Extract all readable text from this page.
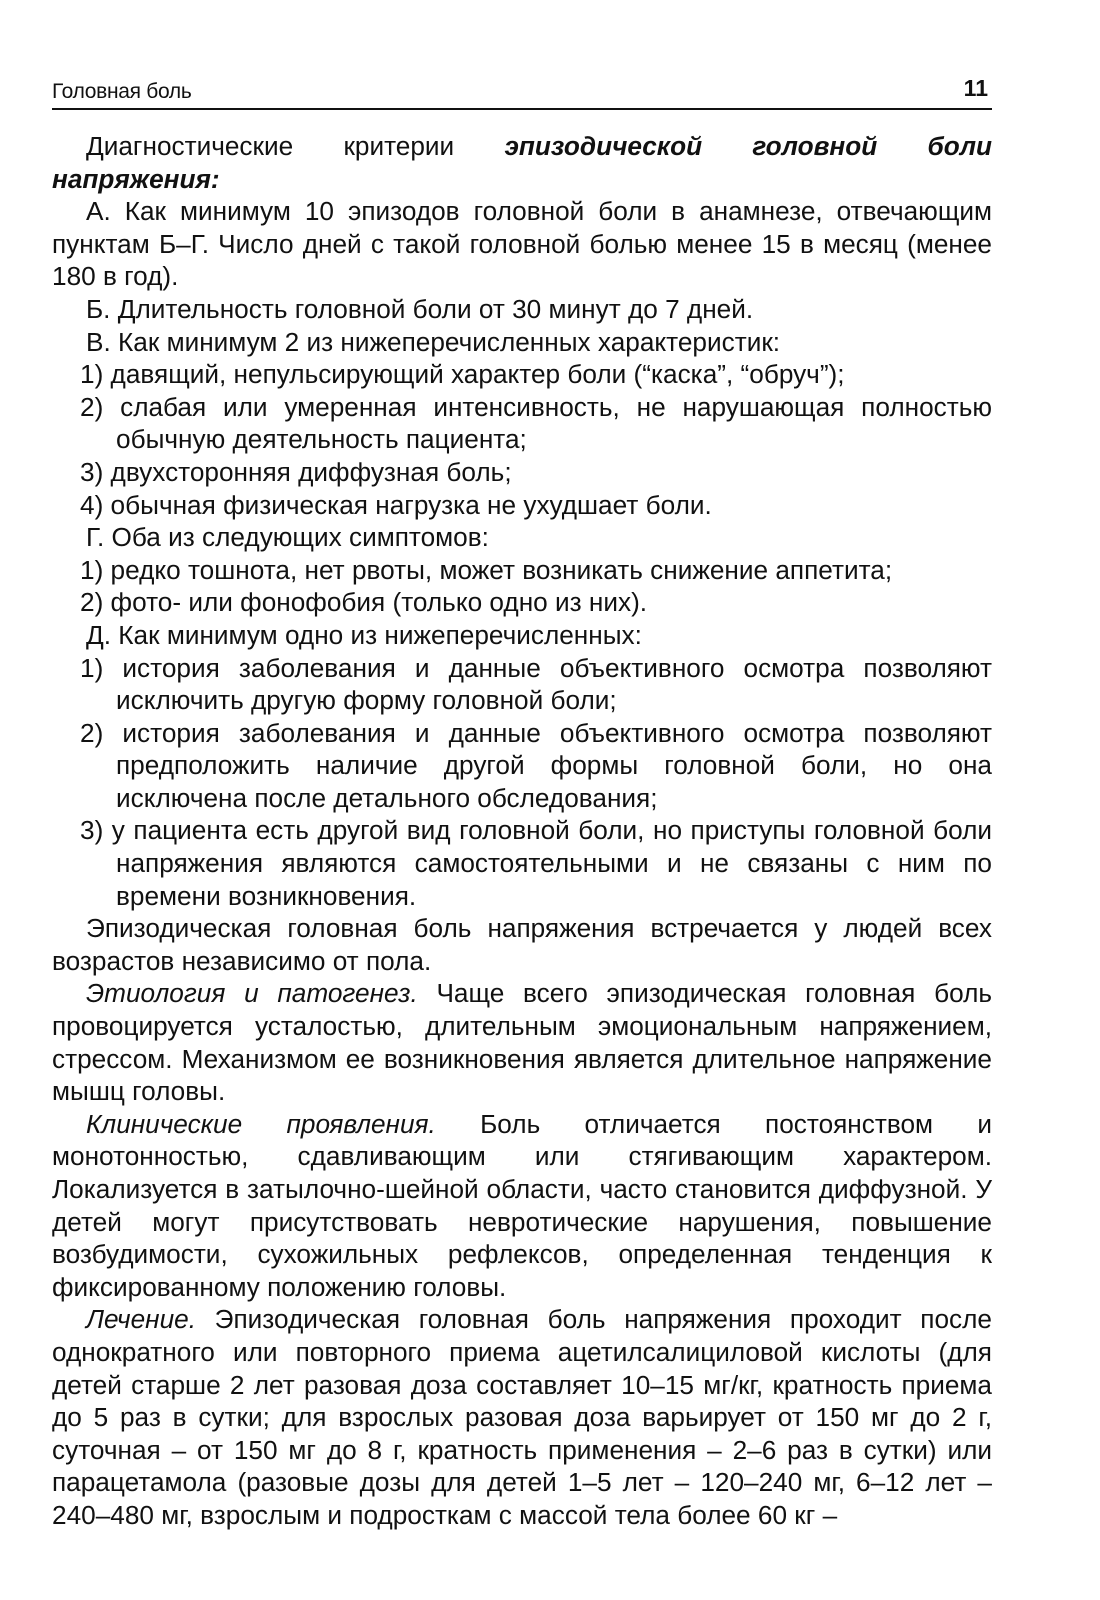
Головная боль	11

Диагностические критерии эпизодической головной боли напряжения:

А. Как минимум 10 эпизодов головной боли в анамнезе, отвечающим пунктам Б–Г. Число дней с такой головной болью менее 15 в месяц (менее 180 в год).

Б. Длительность головной боли от 30 минут до 7 дней.

В. Как минимум 2 из нижеперечисленных характеристик:

1) давящий, непульсирующий характер боли (“каска”, “обруч”);

2) слабая или умеренная интенсивность, не нарушающая полностью обычную деятельность пациента;

3) двухсторонняя диффузная боль;

4) обычная физическая нагрузка не ухудшает боли.

Г. Оба из следующих симптомов:

1) редко тошнота, нет рвоты, может возникать снижение аппетита;

2) фото- или фонофобия (только одно из них).

Д. Как минимум одно из нижеперечисленных:

1) история заболевания и данные объективного осмотра позволяют исключить другую форму головной боли;

2) история заболевания и данные объективного осмотра позволяют предположить наличие другой формы головной боли, но она исключена после детального обследования;

3) у пациента есть другой вид головной боли, но приступы головной боли напряжения являются самостоятельными и не связаны с ним по времени возникновения.

Эпизодическая головная боль напряжения встречается у людей всех возрастов независимо от пола.

Этиология и патогенез. Чаще всего эпизодическая головная боль провоцируется усталостью, длительным эмоциональным напряжением, стрессом. Механизмом ее возникновения является длительное напряжение мышц головы.

Клинические проявления. Боль отличается постоянством и монотонностью, сдавливающим или стягивающим характером. Локализуется в затылочно-шейной области, часто становится диффузной. У детей могут присутствовать невротические нарушения, повышение возбудимости, сухожильных рефлексов, определенная тенденция к фиксированному положению головы.

Лечение. Эпизодическая головная боль напряжения проходит после однократного или повторного приема ацетилсалициловой кислоты (для детей старше 2 лет разовая доза составляет 10–15 мг/кг, кратность приема до 5 раз в сутки; для взрослых разовая доза варьирует от 150 мг до 2 г, суточная – от 150 мг до 8 г, кратность применения – 2–6 раз в сутки) или парацетамола (разовые дозы для детей 1–5 лет – 120–240 мг, 6–12 лет – 240–480 мг, взрослым и подросткам с массой тела более 60 кг –
